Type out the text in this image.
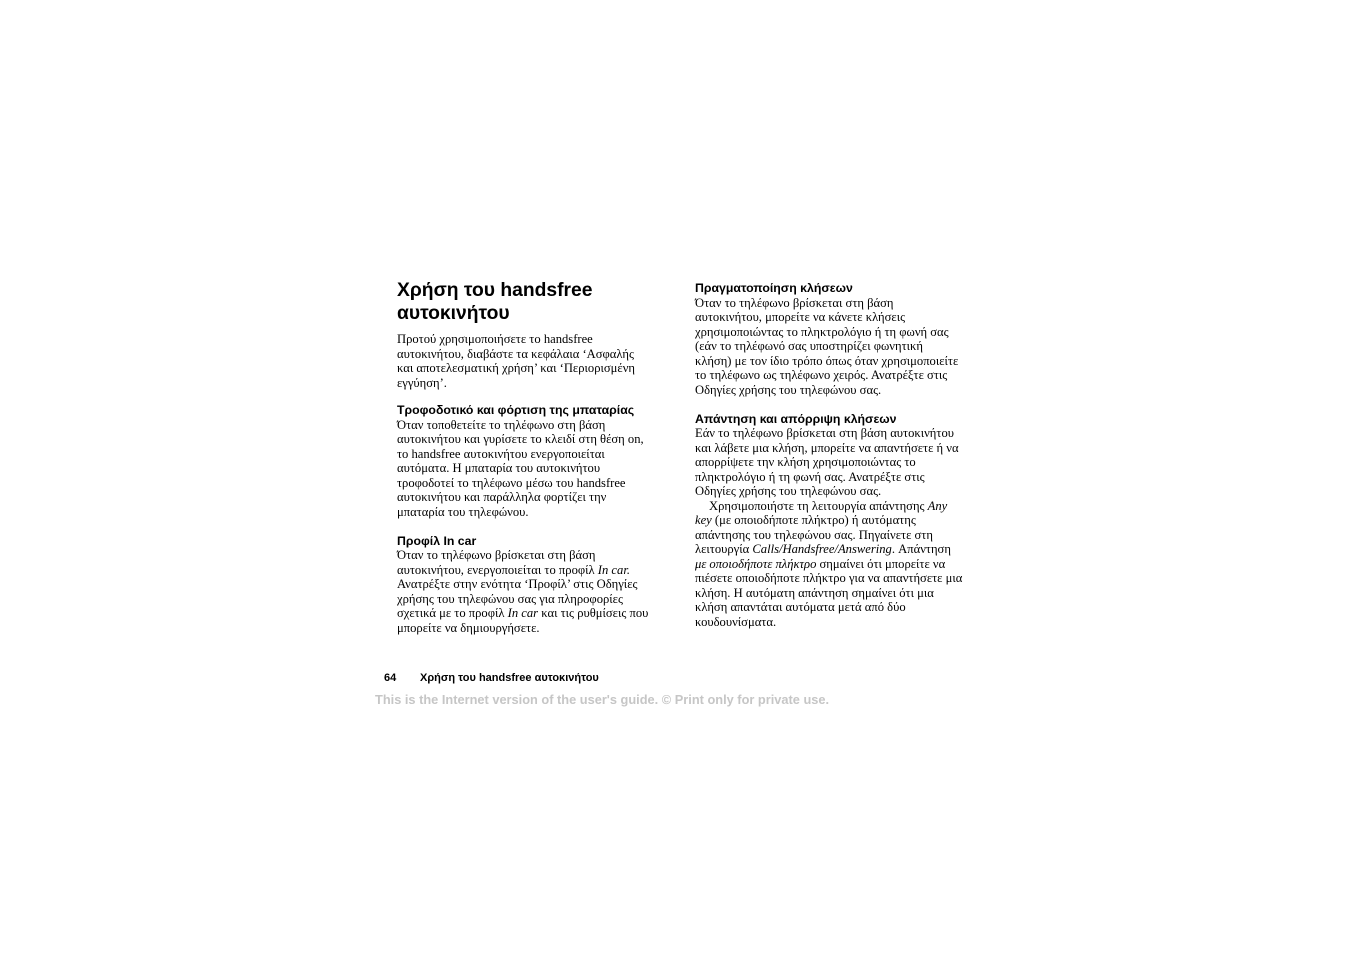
Χρήση του handsfree
αυτοκινήτου

Προτού χρησιμοποιήσετε το handsfree
αυτοκινήτου, διαβάστε τα κεφάλαια ‘Ασφαλής
και αποτελεσματική χρήση’ και ‘Περιορισμένη
εγγύηση’.

Τροφοδοτικό και φόρτιση της μπαταρίας

Όταν τοποθετείτε το τηλέφωνο στη βάση
αυτοκινήτου και γυρίσετε το κλειδί στη θέση on,
το handsfree αυτοκινήτου ενεργοποιείται
αυτόματα. Η μπαταρία του αυτοκινήτου
τροφοδοτεί το τηλέφωνο μέσω του handsfree
αυτοκινήτου και παράλληλα φορτίζει την
μπαταρία του τηλεφώνου.

Προφίλ In car

Όταν το τηλέφωνο βρίσκεται στη βάση
αυτοκινήτου, ενεργοποιείται το προφίλ In car.
Ανατρέξτε στην ενότητα ‘Προφίλ’ στις Οδηγίες
χρήσης του τηλεφώνου σας για πληροφορίες
σχετικά με το προφίλ In car και τις ρυθμίσεις που
μπορείτε να δημιουργήσετε.

Πραγματοποίηση κλήσεων

Όταν το τηλέφωνο βρίσκεται στη βάση
αυτοκινήτου, μπορείτε να κάνετε κλήσεις
χρησιμοποιώντας το πληκτρολόγιο ή τη φωνή σας
(εάν το τηλέφωνό σας υποστηρίζει φωνητική
κλήση) με τον ίδιο τρόπο όπως όταν χρησιμοποιείτε
το τηλέφωνο ως τηλέφωνο χειρός. Ανατρέξτε στις
Οδηγίες χρήσης του τηλεφώνου σας.

Απάντηση και απόρριψη κλήσεων

Εάν το τηλέφωνο βρίσκεται στη βάση αυτοκινήτου
και λάβετε μια κλήση, μπορείτε να απαντήσετε ή να
απορρίψετε την κλήση χρησιμοποιώντας το
πληκτρολόγιο ή τη φωνή σας. Ανατρέξτε στις
Οδηγίες χρήσης του τηλεφώνου σας.

Χρησιμοποιήστε τη λειτουργία απάντησης Any
key (με οποιοδήποτε πλήκτρο) ή αυτόματης
απάντησης του τηλεφώνου σας. Πηγαίνετε στη
λειτουργία Calls/Handsfree/Answering. Απάντηση
με οποιοδήποτε πλήκτρο σημαίνει ότι μπορείτε να
πιέσετε οποιοδήποτε πλήκτρο για να απαντήσετε μια
κλήση. Η αυτόματη απάντηση σημαίνει ότι μια
κλήση απαντάται αυτόματα μετά από δύο
κουδουνίσματα.

64 Χρήση του handsfree αυτοκινήτου
This is the Internet version of the user's guide. © Print only for private use.
